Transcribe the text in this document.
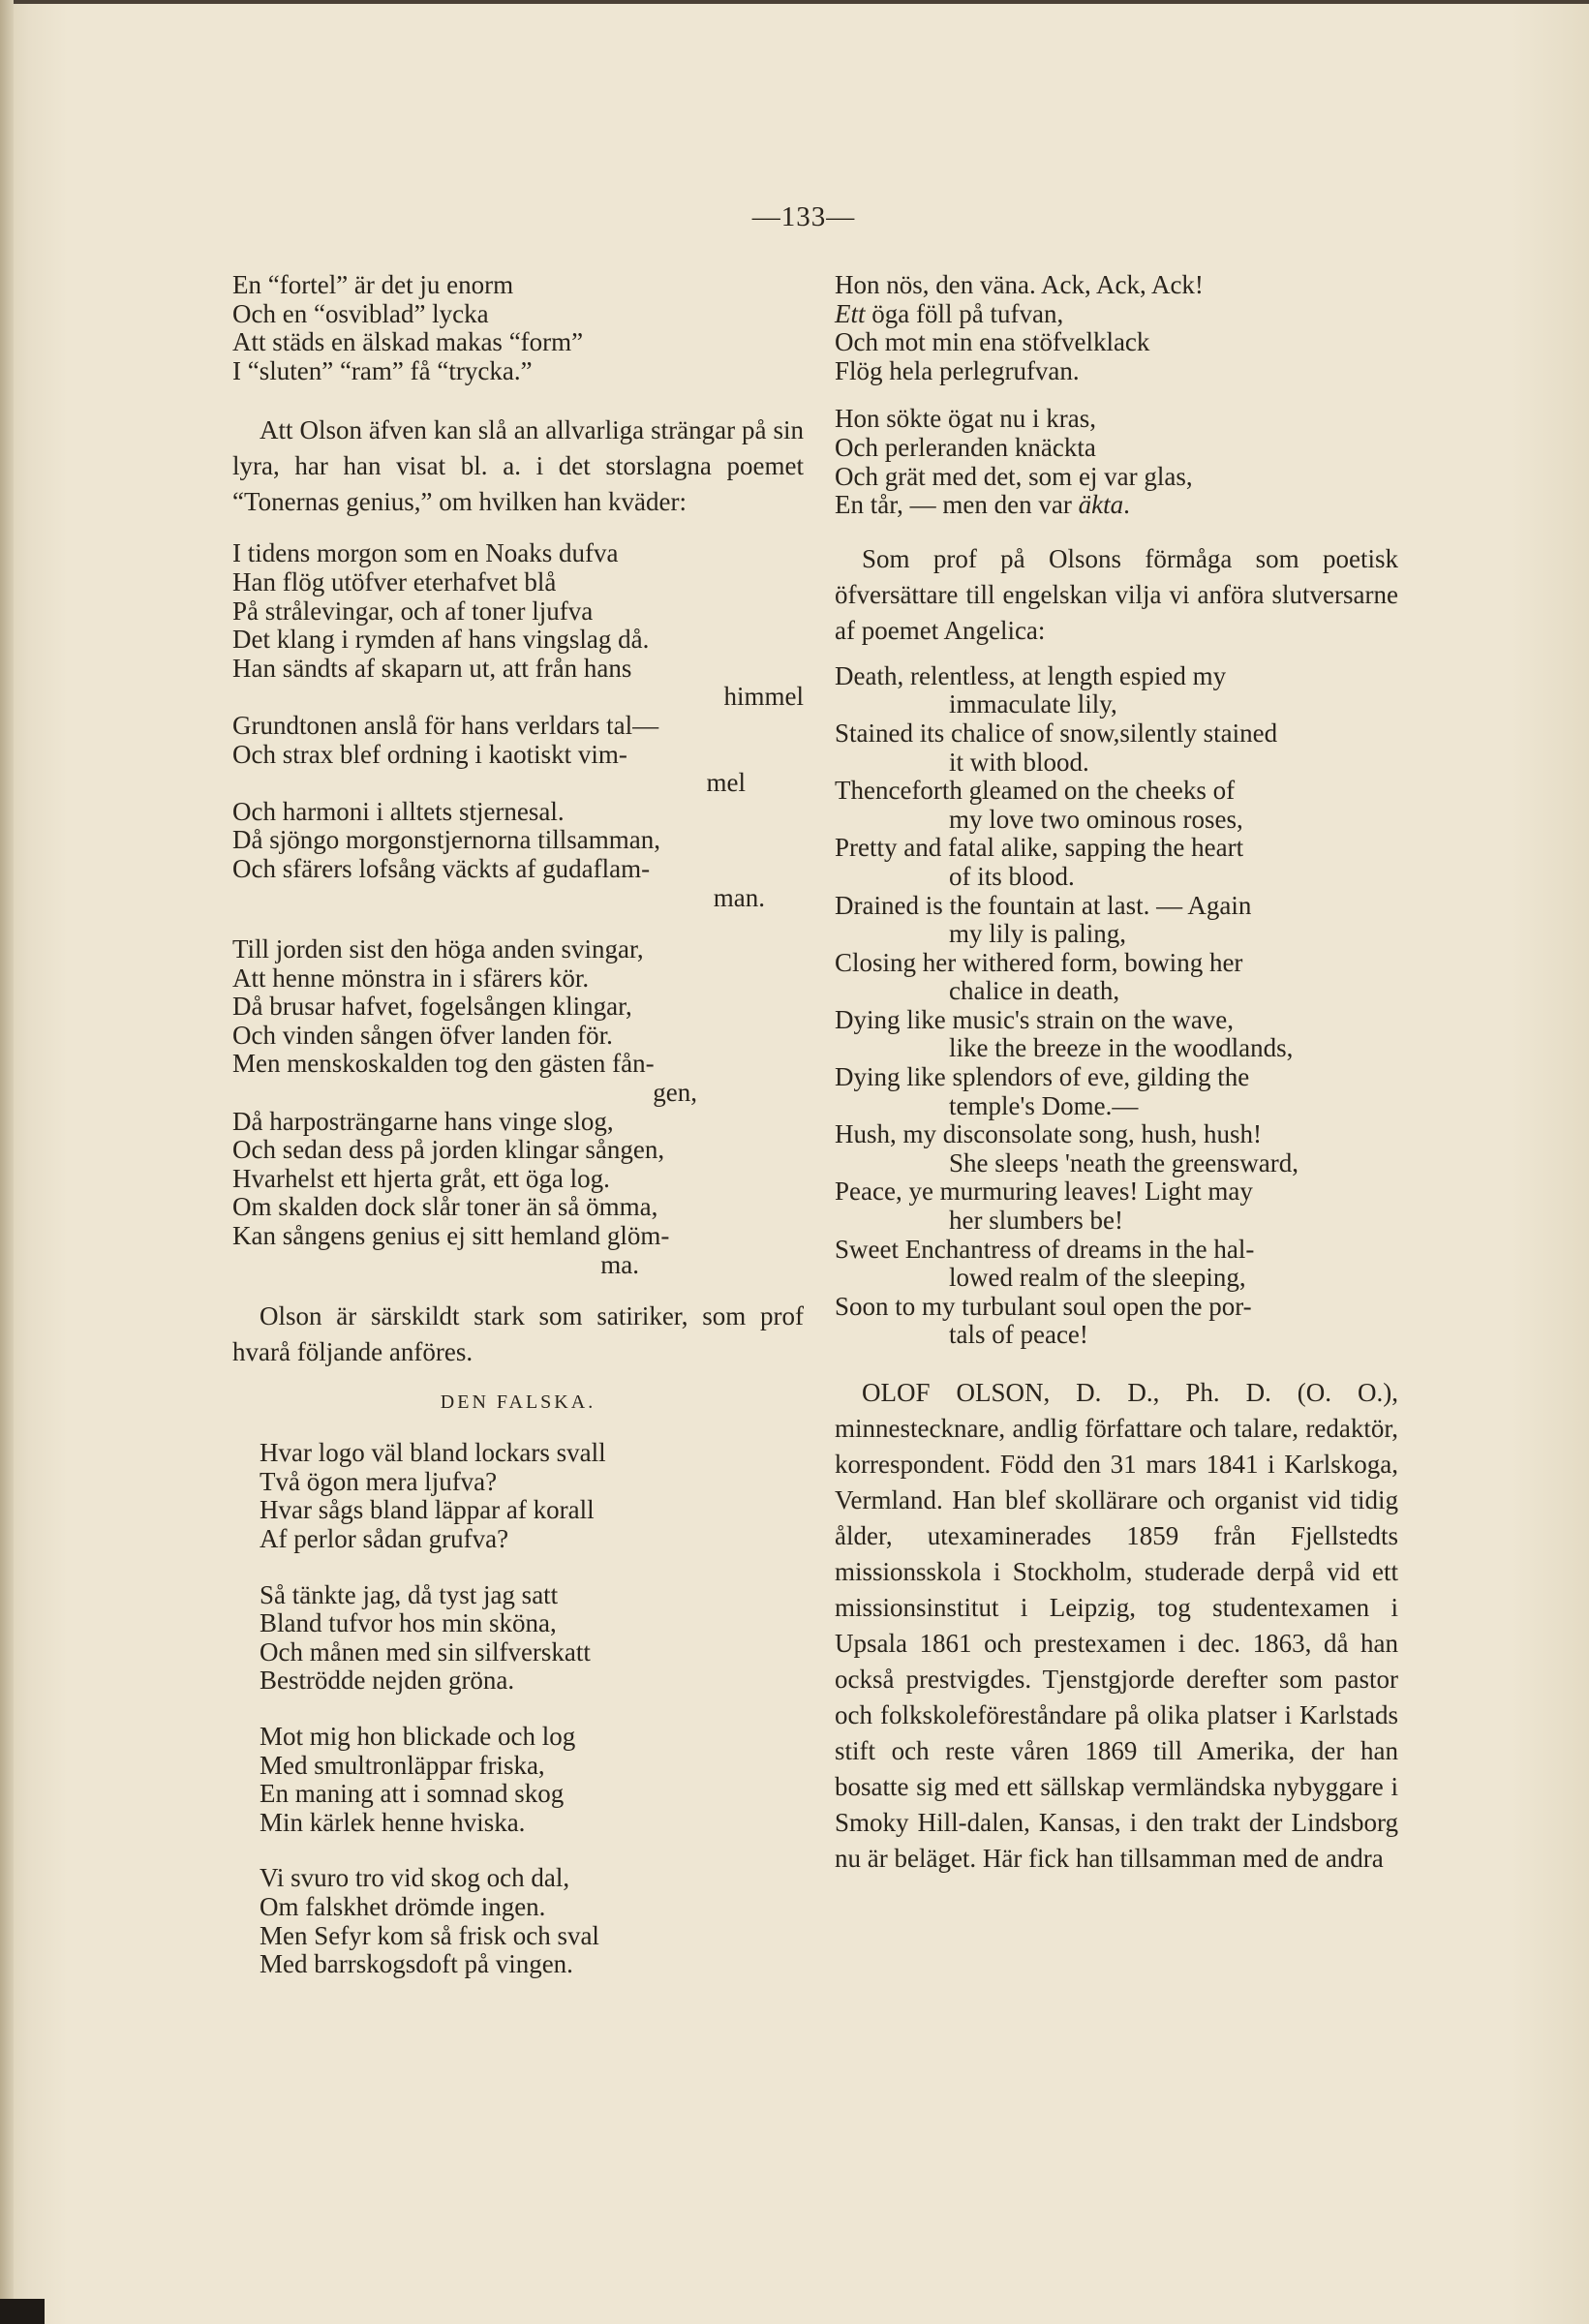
—133—
En “fortel” är det ju enorm
Och en “osviblad” lycka
Att städs en älskad makas “form”
I “sluten” “ram” få “trycka.”

Att Olson äfven kan slå an allvarliga strängar på sin lyra, har han visat bl. a. i det storslagna poemet “Tonernas genius,” om hvilken han kväder:

I tidens morgon som en Noaks dufva
Han flög utöfver eterhafvet blå
På strålevingar, och af toner ljufva
Det klang i rymden af hans vingslag då.
Han sändts af skaparn ut, att från hans
himmel
Grundtonen anslå för hans verldars tal—
Och strax blef ordning i kaotiskt vim-
mel
Och harmoni i alltets stjernesal.
Då sjöngo morgonstjernorna tillsamman,
Och sfärers lofsång väckts af gudaflam-
man.
Till jorden sist den höga anden svingar,
Att henne mönstra in i sfärers kör.
Då brusar hafvet, fogelsången klingar,
Och vinden sången öfver landen för.
Men menskoskalden tog den gästen fån-
gen,
Då harposträngarne hans vinge slog,
Och sedan dess på jorden klingar sången,
Hvarhelst ett hjerta gråt, ett öga log.
Om skalden dock slår toner än så ömma,
Kan sångens genius ej sitt hemland glöm-
ma.

Olson är särskildt stark som satiriker, som prof hvarå följande anföres.

DEN FALSKA.

Hvar logo väl bland lockars svall
Två ögon mera ljufva?
Hvar sågs bland läppar af korall
Af perlor sådan grufva?
Så tänkte jag, då tyst jag satt
Bland tufvor hos min sköna,
Och månen med sin silfverskatt
Beströdde nejden gröna.
Mot mig hon blickade och log
Med smultronläppar friska,
En maning att i somnad skog
Min kärlek henne hviska.
Vi svuro tro vid skog och dal,
Om falskhet drömde ingen.
Men Sefyr kom så frisk och sval
Med barrskogsdoft på vingen.
Hon nös, den väna. Ack, Ack, Ack!
Ett öga föll på tufvan,
Och mot min ena stöfvelklack
Flög hela perlegrufvan.
Hon sökte ögat nu i kras,
Och perleranden knäckta
Och grät med det, som ej var glas,
En tår, — men den var äkta.

Som prof på Olsons förmåga som poetisk öfversättare till engelskan vilja vi anföra slutversarne af poemet Angelica:

Death, relentless, at length espied my
immaculate lily,
Stained its chalice of snow,silently stained
it with blood.
Thenceforth gleamed on the cheeks of
my love two ominous roses,
Pretty and fatal alike, sapping the heart
of its blood.
Drained is the fountain at last. — Again
my lily is paling,
Closing her withered form, bowing her
chalice in death,
Dying like music's strain on the wave,
like the breeze in the woodlands,
Dying like splendors of eve, gilding the
temple's Dome.—
Hush, my disconsolate song, hush, hush!
She sleeps 'neath the greensward,
Peace, ye murmuring leaves! Light may
her slumbers be!
Sweet Enchantress of dreams in the hal-
lowed realm of the sleeping,
Soon to my turbulant soul open the por-
tals of peace!

OLOF OLSON, D. D., Ph. D. (O. O.), minnestecknare, andlig författare och talare, redaktör, korrespondent. Född den 31 mars 1841 i Karlskoga, Vermland. Han blef skollärare och organist vid tidig ålder, utexaminerades 1859 från Fjellstedts missionsskola i Stockholm, studerade derpå vid ett missionsinstitut i Leipzig, tog studentexamen i Upsala 1861 och prestexamen i dec. 1863, då han också prestvigdes. Tjenstgjorde derefter som pastor och folkskoleföreståndare på olika platser i Karlstads stift och reste våren 1869 till Amerika, der han bosatte sig med ett sällskap vermländska nybyggare i Smoky Hill-dalen, Kansas, i den trakt der Lindsborg nu är beläget. Här fick han tillsamman med de andra
